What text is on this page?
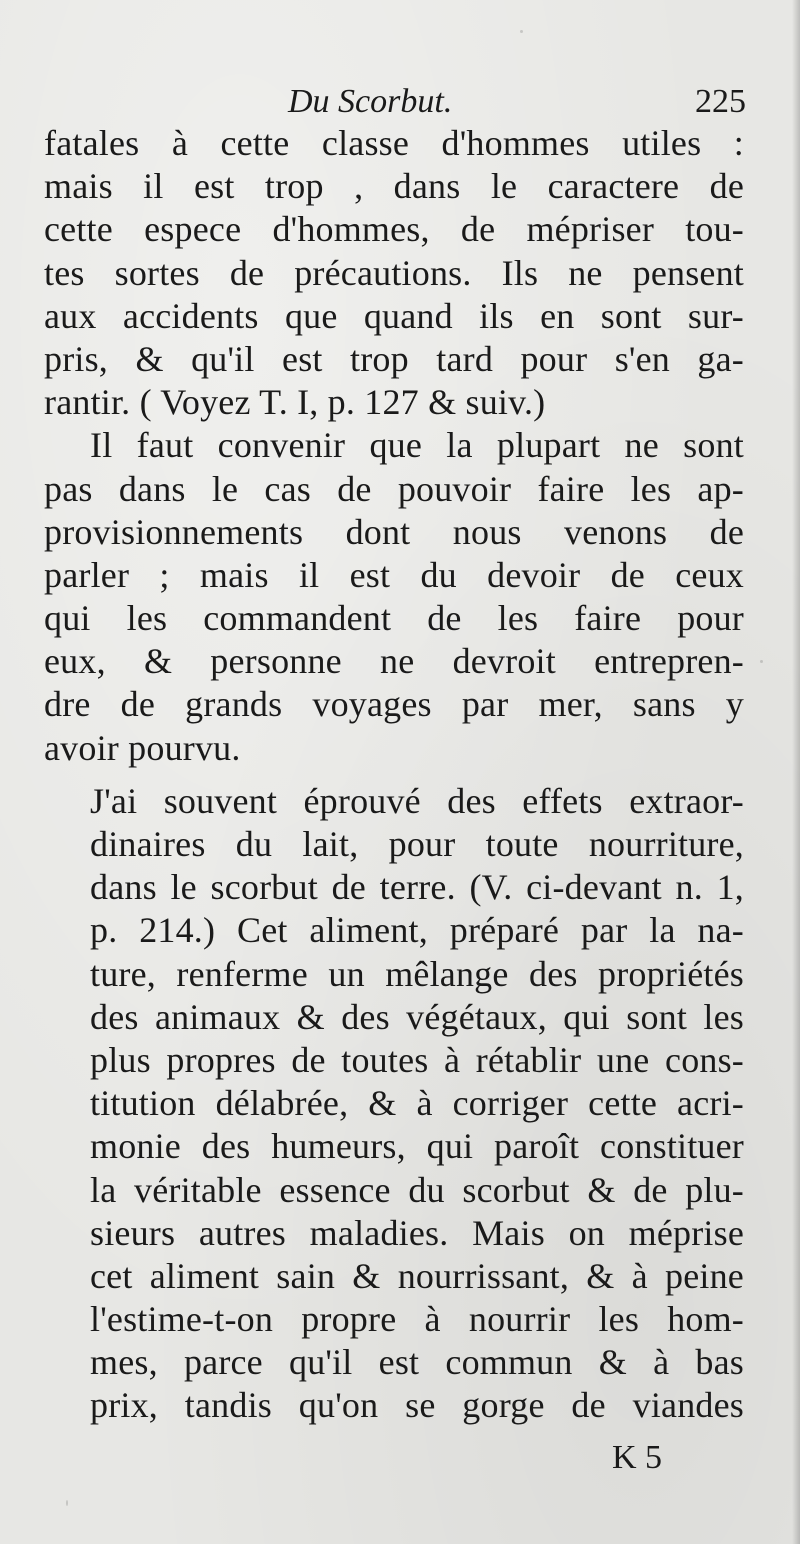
Du Scorbut.	225
fatales à cette classe d'hommes utiles :
mais il est trop , dans le caractere de
cette espece d'hommes, de mépriser tou-
tes sortes de précautions. Ils ne pensent
aux accidents que quand ils en sont sur-
pris, & qu'il est trop tard pour s'en ga-
rantir. ( Voyez T. I, p. 127 & suiv.)
Il faut convenir que la plupart ne sont
pas dans le cas de pouvoir faire les ap-
provisionnements dont nous venons de
parler ; mais il est du devoir de ceux
qui les commandent de les faire pour
eux, & personne ne devroit entrepren-
dre de grands voyages par mer, sans y
avoir pourvu.
J'ai souvent éprouvé des effets extraor-
dinaires du lait, pour toute nourriture,
dans le scorbut de terre. (V. ci-devant n. 1,
p. 214.) Cet aliment, préparé par la na-
ture, renferme un mêlange des propriétés
des animaux & des végétaux, qui sont les
plus propres de toutes à rétablir une cons-
titution délabrée, & à corriger cette acri-
monie des humeurs, qui paroît constituer
la véritable essence du scorbut & de plu-
sieurs autres maladies. Mais on méprise
cet aliment sain & nourrissant, & à peine
l'estime-t-on propre à nourrir les hom-
mes, parce qu'il est commun & à bas
prix, tandis qu'on se gorge de viandes
K 5
